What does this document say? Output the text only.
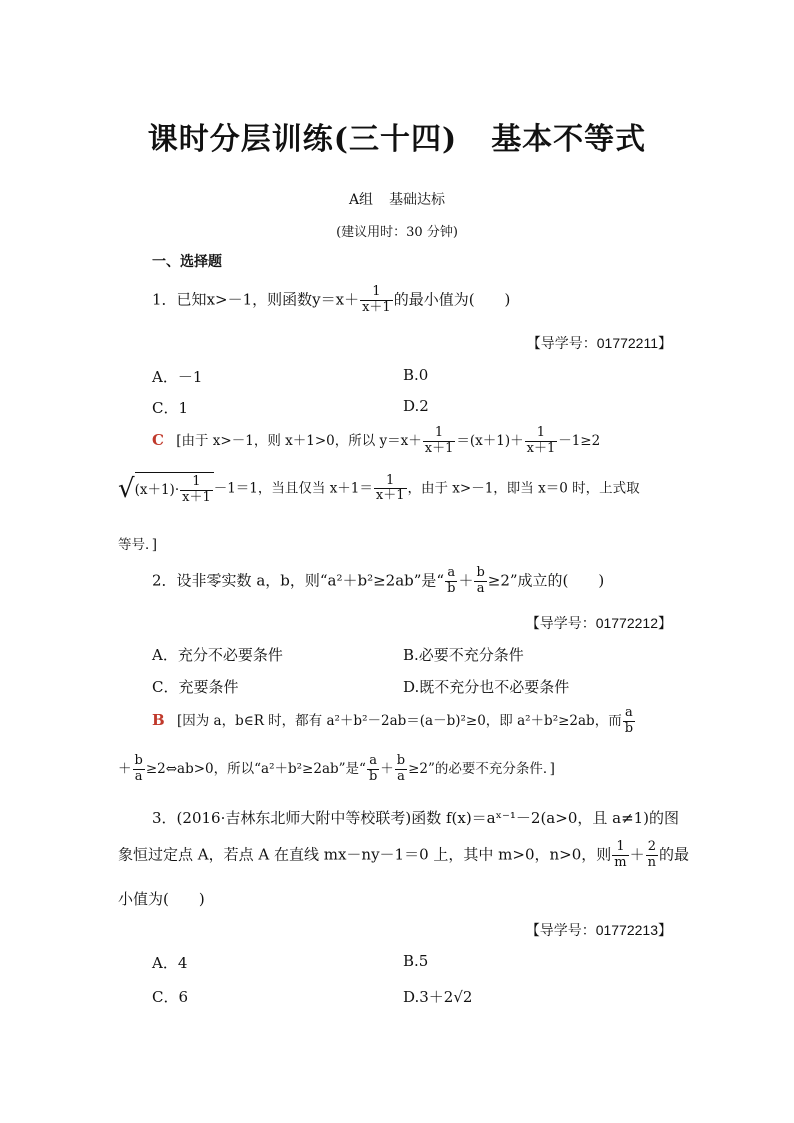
课时分层训练(三十四) 基本不等式
A组 基础达标
(建议用时：30 分钟)
一、选择题
1．已知x>－1，则函数$y=x+ \frac{1}{x+1}$ 的最小值为(　　)
【导学号：01772211】
A．－1	B.0
C．1	D.2
C [由于 x>－1，则 x＋1>0，所以 $y=x+ \frac{1}{x+1} =(x+1)+ \frac{1}{x+1} -1\ge 2$
$√(x+1)\cdot \frac{1}{x+1} -1=1$，当且仅当 $x+1= \frac{1}{x+1}$ ，由于 x>－1，即当 x＝0 时，上式取
等号．]
2．设非零实数 a，b，则“a²＋b²≥2ab”是“ $\frac{a}{b} + \frac{b}{a} \ge 2$”成立的(　　)
【导学号：01772212】
A．充分不必要条件	B.必要不充分条件
C．充要条件	D.既不充分也不必要条件
B [因为 a，b∈R 时，都有 a²＋b²－2ab＝(a－b)²≥0，即 a²＋b²≥2ab，而 $\frac{a}{b}$
＋ $\frac{b}{a}$ ≥2⇔ab>0，所以“a²＋b²≥2ab”是“ $\frac{a}{b} + \frac{b}{a} \ge 2$”的必要不充分条件．]
3．(2016·吉林东北师大附中等校联考)函数 f(x)＝aˣ⁻¹－2(a>0，且 a≠1)的图
象恒过定点 A，若点 A 在直线 mx－ny－1＝0 上，其中 m>0，n>0，则 $\frac{1}{m} + \frac{2}{n}$ 的最
小值为(　　)
【导学号：01772213】
A．4	B.5
C．6	D.3＋2√2
